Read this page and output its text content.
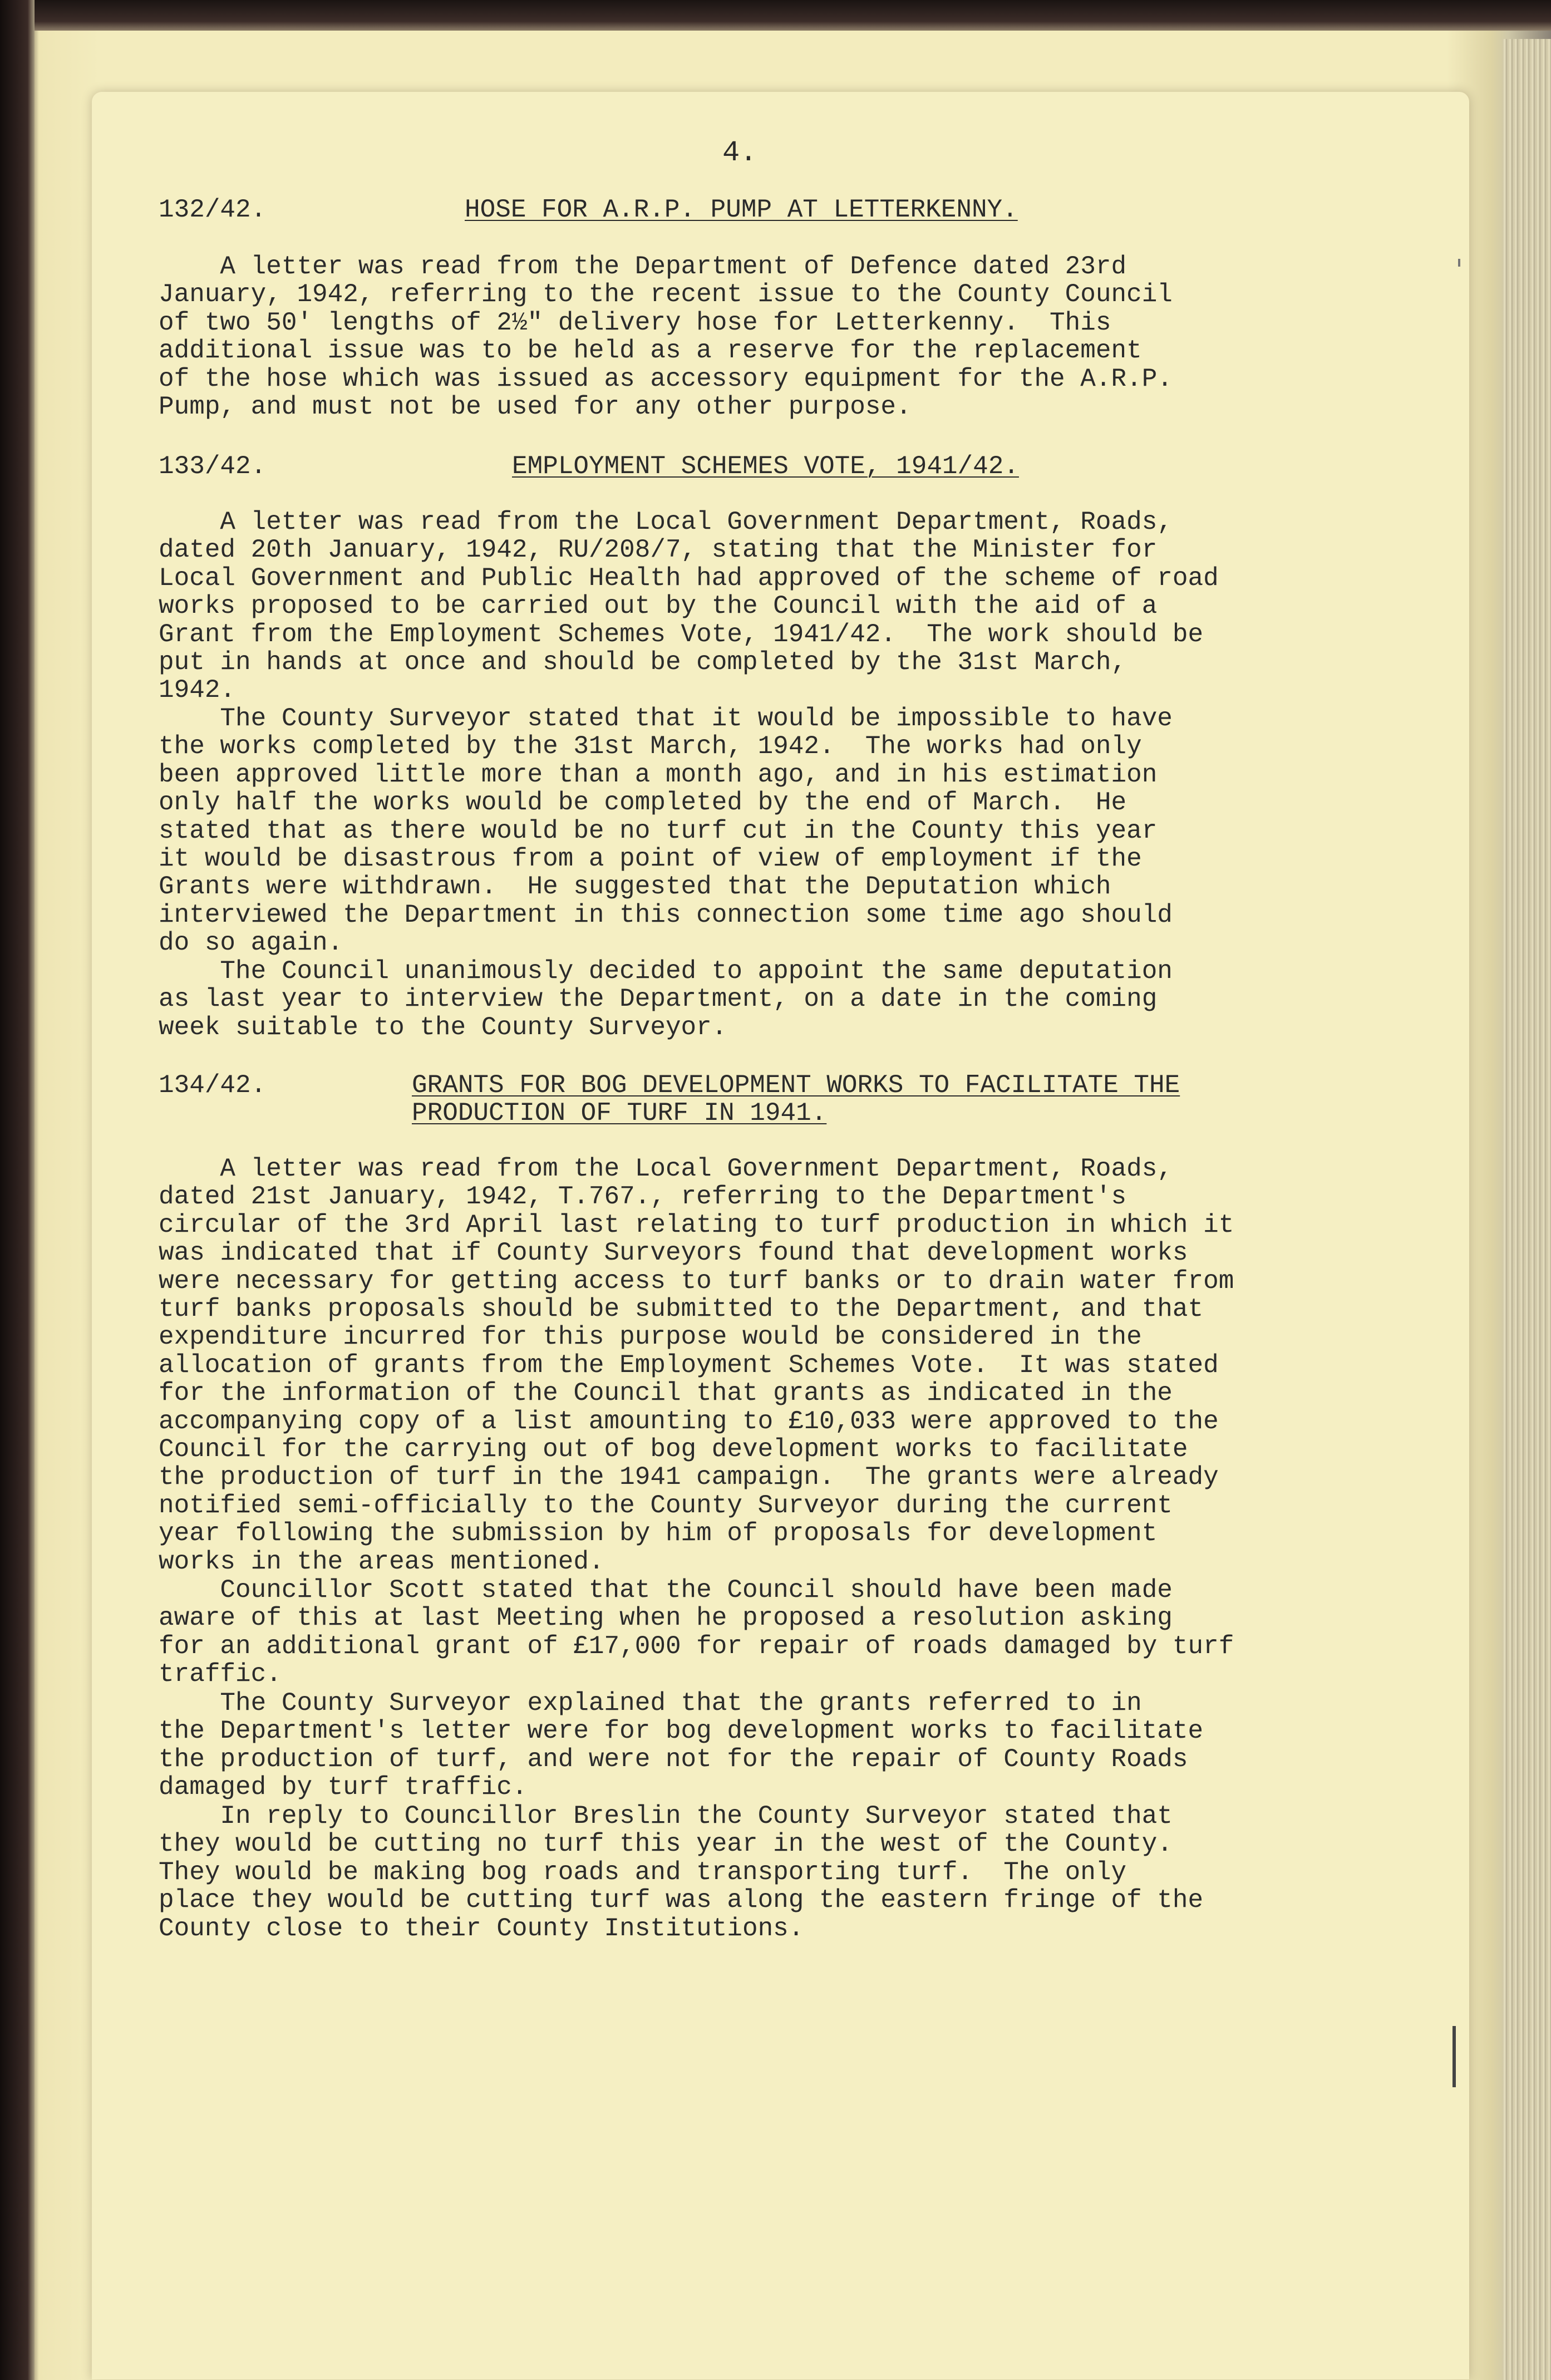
4.

132/42.	HOSE FOR A.R.P. PUMP AT LETTERKENNY.

A letter was read from the Department of Defence dated 23rd
January, 1942, referring to the recent issue to the County Council
of two 50' lengths of 2½" delivery hose for Letterkenny.  This
additional issue was to be held as a reserve for the replacement
of the hose which was issued as accessory equipment for the A.R.P.
Pump, and must not be used for any other purpose.

133/42.	EMPLOYMENT SCHEMES VOTE, 1941/42.

A letter was read from the Local Government Department, Roads,
dated 20th January, 1942, RU/208/7, stating that the Minister for
Local Government and Public Health had approved of the scheme of road
works proposed to be carried out by the Council with the aid of a
Grant from the Employment Schemes Vote, 1941/42.  The work should be
put in hands at once and should be completed by the 31st March,
1942.

The County Surveyor stated that it would be impossible to have
the works completed by the 31st March, 1942.  The works had only
been approved little more than a month ago, and in his estimation
only half the works would be completed by the end of March.  He
stated that as there would be no turf cut in the County this year
it would be disastrous from a point of view of employment if the
Grants were withdrawn.  He suggested that the Deputation which
interviewed the Department in this connection some time ago should
do so again.

The Council unanimously decided to appoint the same deputation
as last year to interview the Department, on a date in the coming
week suitable to the County Surveyor.

134/42.	GRANTS FOR BOG DEVELOPMENT WORKS TO FACILITATE THE

PRODUCTION OF TURF IN 1941.

A letter was read from the Local Government Department, Roads,
dated 21st January, 1942, T.767., referring to the Department's
circular of the 3rd April last relating to turf production in which it
was indicated that if County Surveyors found that development works
were necessary for getting access to turf banks or to drain water from
turf banks proposals should be submitted to the Department, and that
expenditure incurred for this purpose would be considered in the
allocation of grants from the Employment Schemes Vote.  It was stated
for the information of the Council that grants as indicated in the
accompanying copy of a list amounting to £10,033 were approved to the
Council for the carrying out of bog development works to facilitate
the production of turf in the 1941 campaign.  The grants were already
notified semi-officially to the County Surveyor during the current
year following the submission by him of proposals for development
works in the areas mentioned.

Councillor Scott stated that the Council should have been made
aware of this at last Meeting when he proposed a resolution asking
for an additional grant of £17,000 for repair of roads damaged by turf
traffic.

The County Surveyor explained that the grants referred to in
the Department's letter were for bog development works to facilitate
the production of turf, and were not for the repair of County Roads
damaged by turf traffic.

In reply to Councillor Breslin the County Surveyor stated that
they would be cutting no turf this year in the west of the County.
They would be making bog roads and transporting turf.  The only
place they would be cutting turf was along the eastern fringe of the
County close to their County Institutions.
